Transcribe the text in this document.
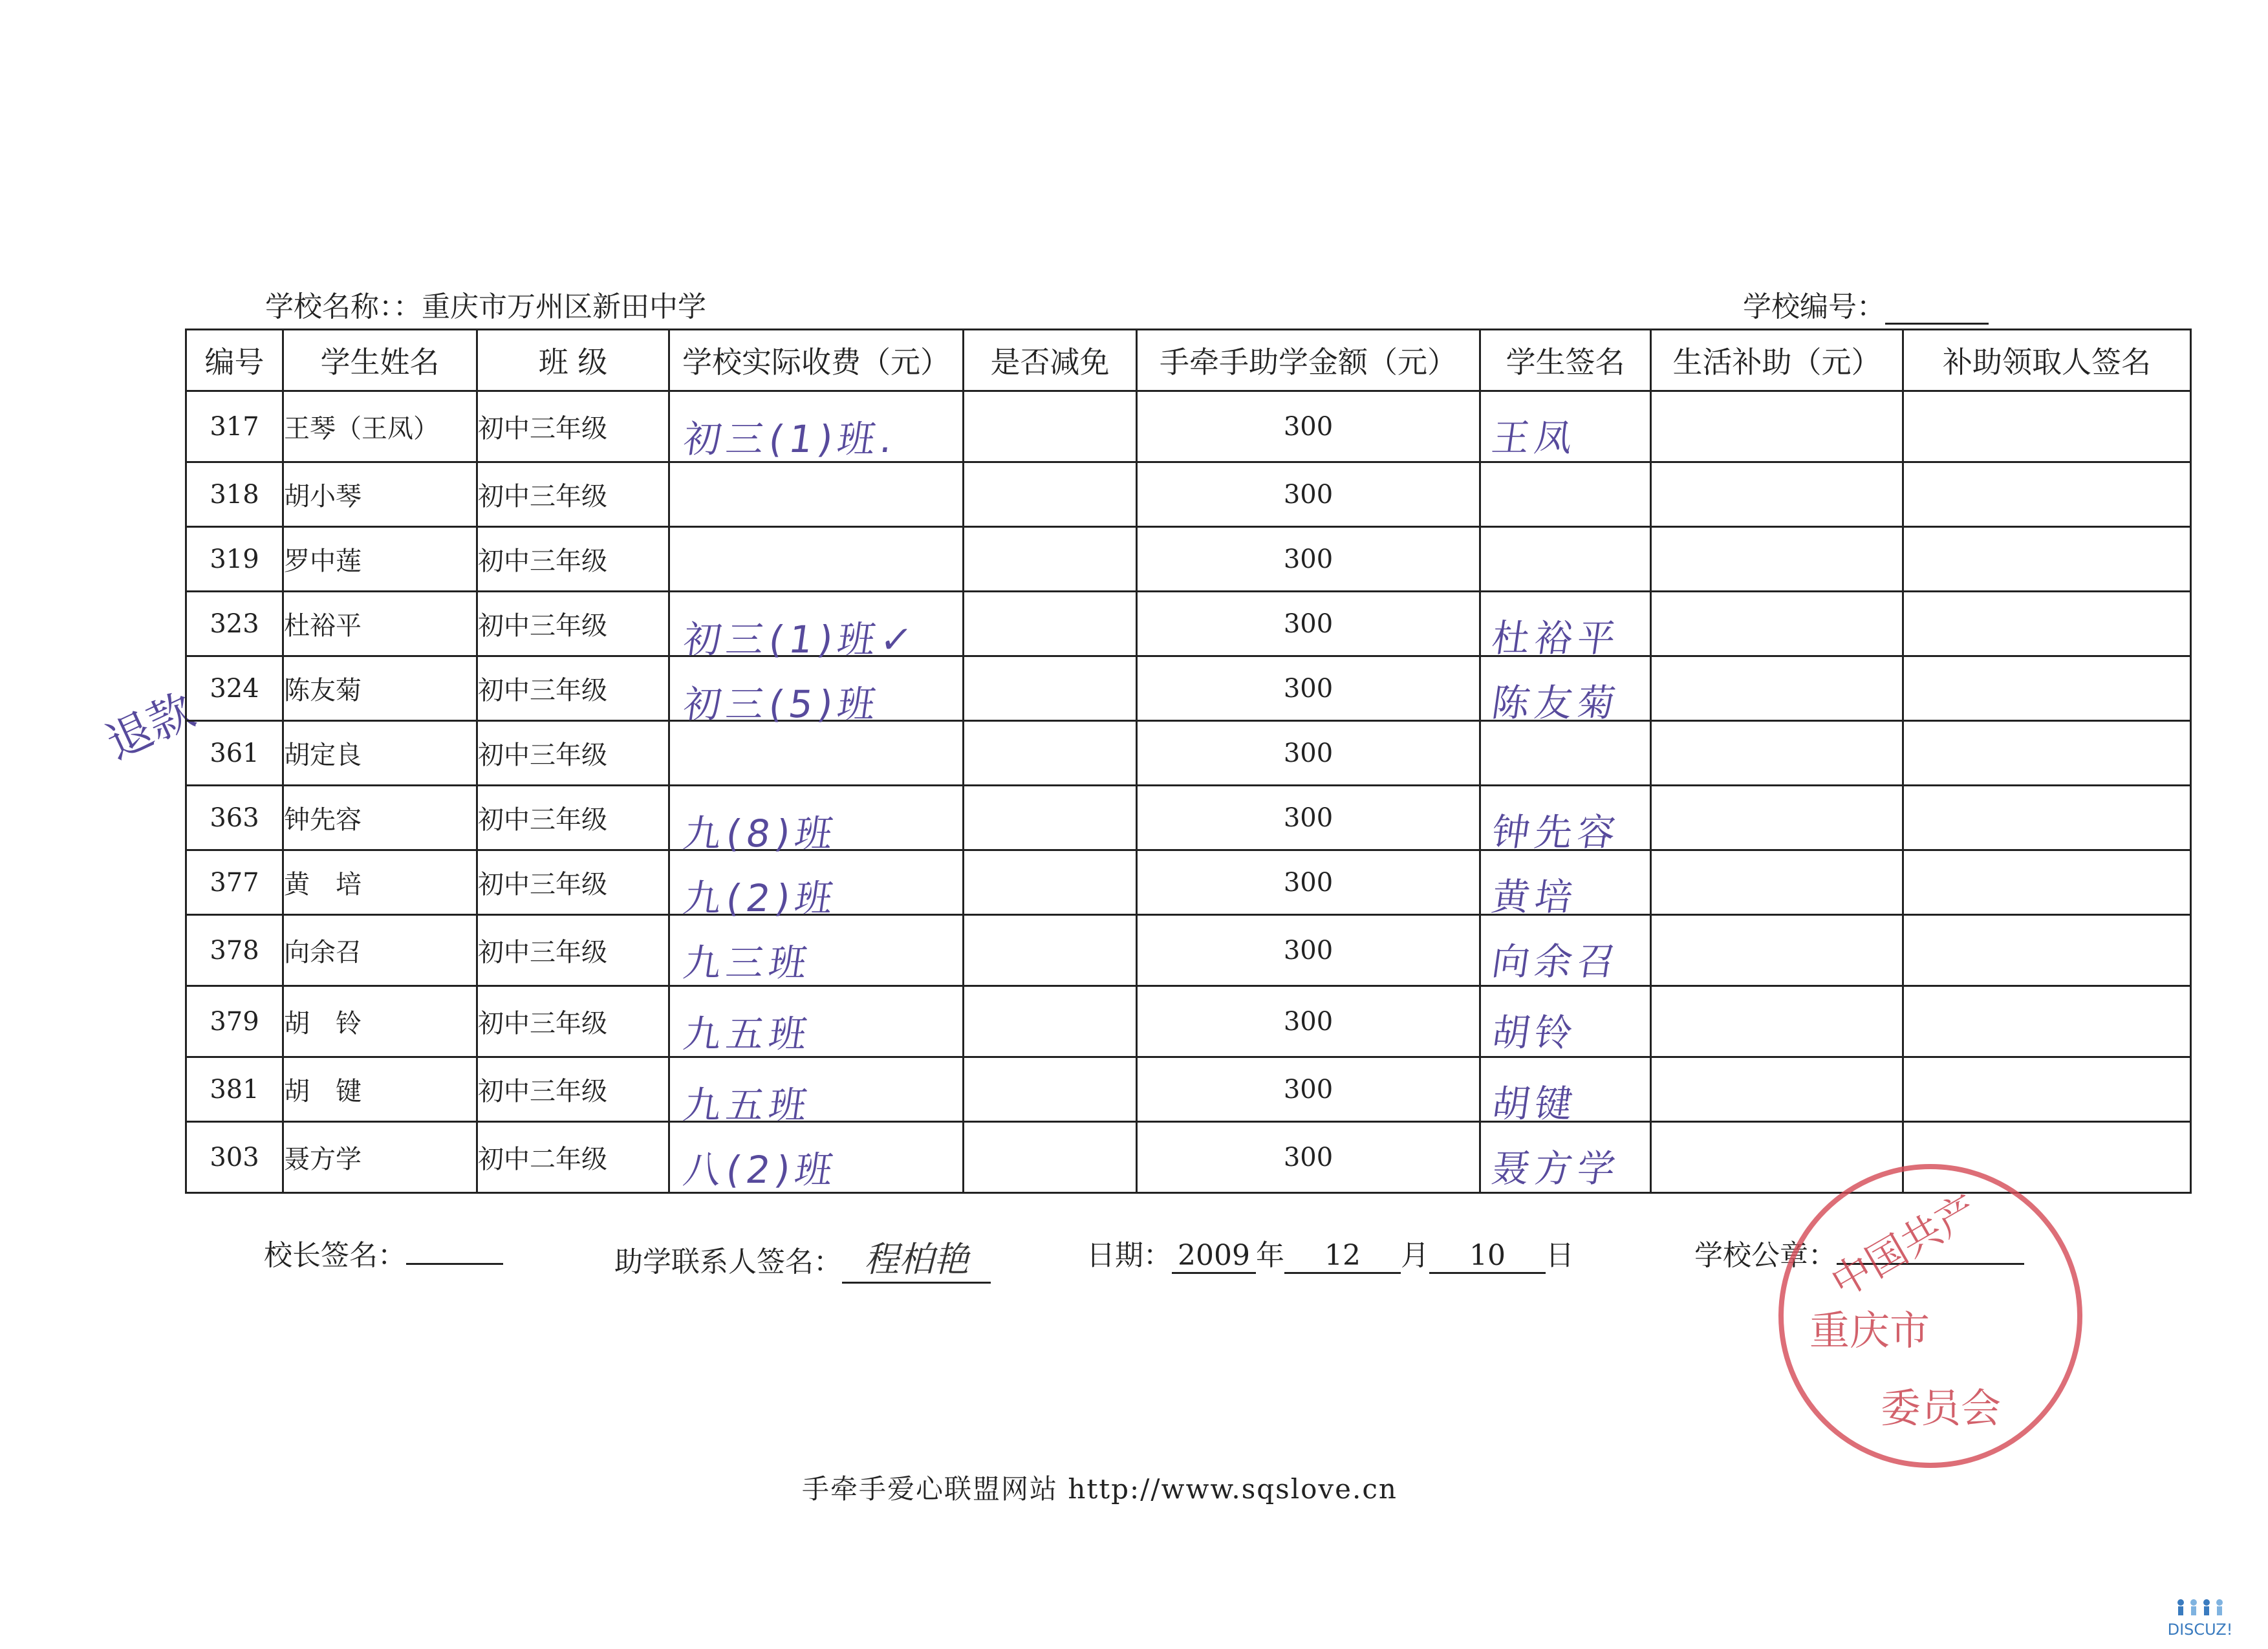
学校名称：：重庆市万州区新田中学	学校编号：
退款
编号	学生姓名	班 级	学校实际收费（元）	是否减免	手牵手助学金额（元）	学生签名	生活补助（元）	补助领取人签名
317	王琴（王凤）	初中三年级	初三(1)班.		300	王凤		

318	胡小琴	初中三年级			300	

319	罗中莲	初中三年级			300	

323	杜裕平	初中三年级	初三(1)班✓		300	杜裕平		

324	陈友菊	初中三年级	初三(5)班		300	陈友菊		

361	胡定良	初中三年级			300	

363	钟先容	初中三年级	九(8)班		300	钟先容		

377	黄　培	初中三年级	九(2)班		300	黄培		

378	向余召	初中三年级	九三班		300	向余召		

379	胡　铃	初中三年级	九五班		300	胡铃		

381	胡　键	初中三年级	九五班		300	胡键		

303	聂方学	初中二年级	八(2)班		300	聂方学		

校长签名：	助学联系人签名： 程柏艳	日期： 2009 年 12 月 10 日	学校公章：
中国共产
重庆市
委员会
手牵手爱心联盟网站 http://www.sqslove.cn
DISCUZ!
